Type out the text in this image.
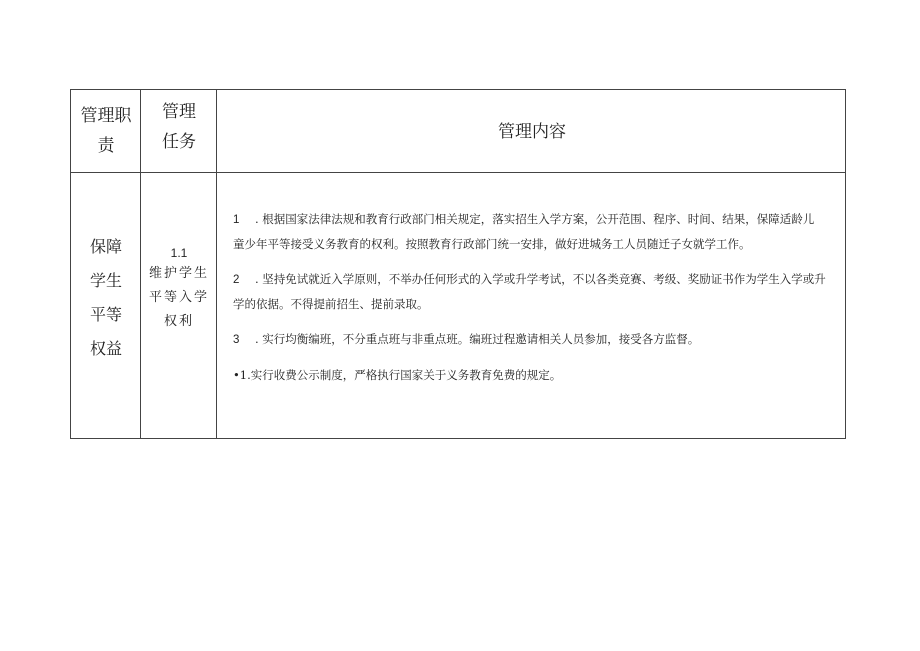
管理职
责
管理
任务	管理内容
保障
学生
平等
权益
1.1
维护学生
平等入学
权利

1 . 根据国家法律法规和教育行政部门相关规定，落实招生入学方案，公开范围、程序、时间、结果，保障适龄儿

童少年平等接受义务教育的权利。按照教育行政部门统一安排，做好进城务工人员随迁子女就学工作。

2 . 坚持免试就近入学原则，不举办任何形式的入学或升学考试，不以各类竞赛、考级、奖励证书作为学生入学或升

学的依据。不得提前招生、提前录取。

3 . 实行均衡编班，不分重点班与非重点班。编班过程邀请相关人员参加，接受各方监督。

•1.实行收费公示制度，严格执行国家关于义务教育免费的规定。
